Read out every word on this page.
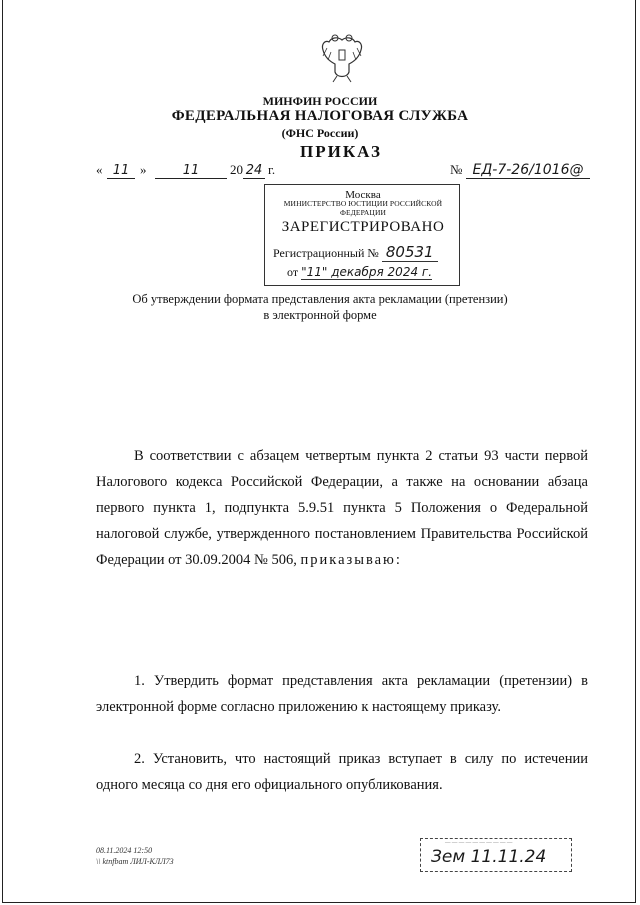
МИНФИН РОССИИ
ФЕДЕРАЛЬНАЯ НАЛОГОВАЯ СЛУЖБА
(ФНС России)
ПРИКАЗ
« 11 »	11	20 24 г.	№ ЕД-7-26/1016@
Москва
МИНИСТЕРСТВО ЮСТИЦИИ РОССИЙСКОЙ ФЕДЕРАЦИИ
ЗАРЕГИСТРИРОВАНО
Регистрационный № 80531
от "11" декабря 2024 г.
Об утверждении формата представления акта рекламации (претензии)
в электронной форме
В соответствии с абзацем четвертым пункта 2 статьи 93 части первой Налогового кодекса Российской Федерации, а также на основании абзаца первого пункта 1, подпункта 5.9.51 пункта 5 Положения о Федеральной налоговой службе, утвержденного постановлением Правительства Российской Федерации от 30.09.2004 № 506, приказываю:
1. Утвердить формат представления акта рекламации (претензии) в электронной форме согласно приложению к настоящему приказу.
2. Установить, что настоящий приказ вступает в силу по истечении одного месяца со дня его официального опубликования.
08.11.2024 12:50
\\ ktnfbam ЛИЛ-КЛЛ73
— — — — — — — — — —
Зем 11.11.24
